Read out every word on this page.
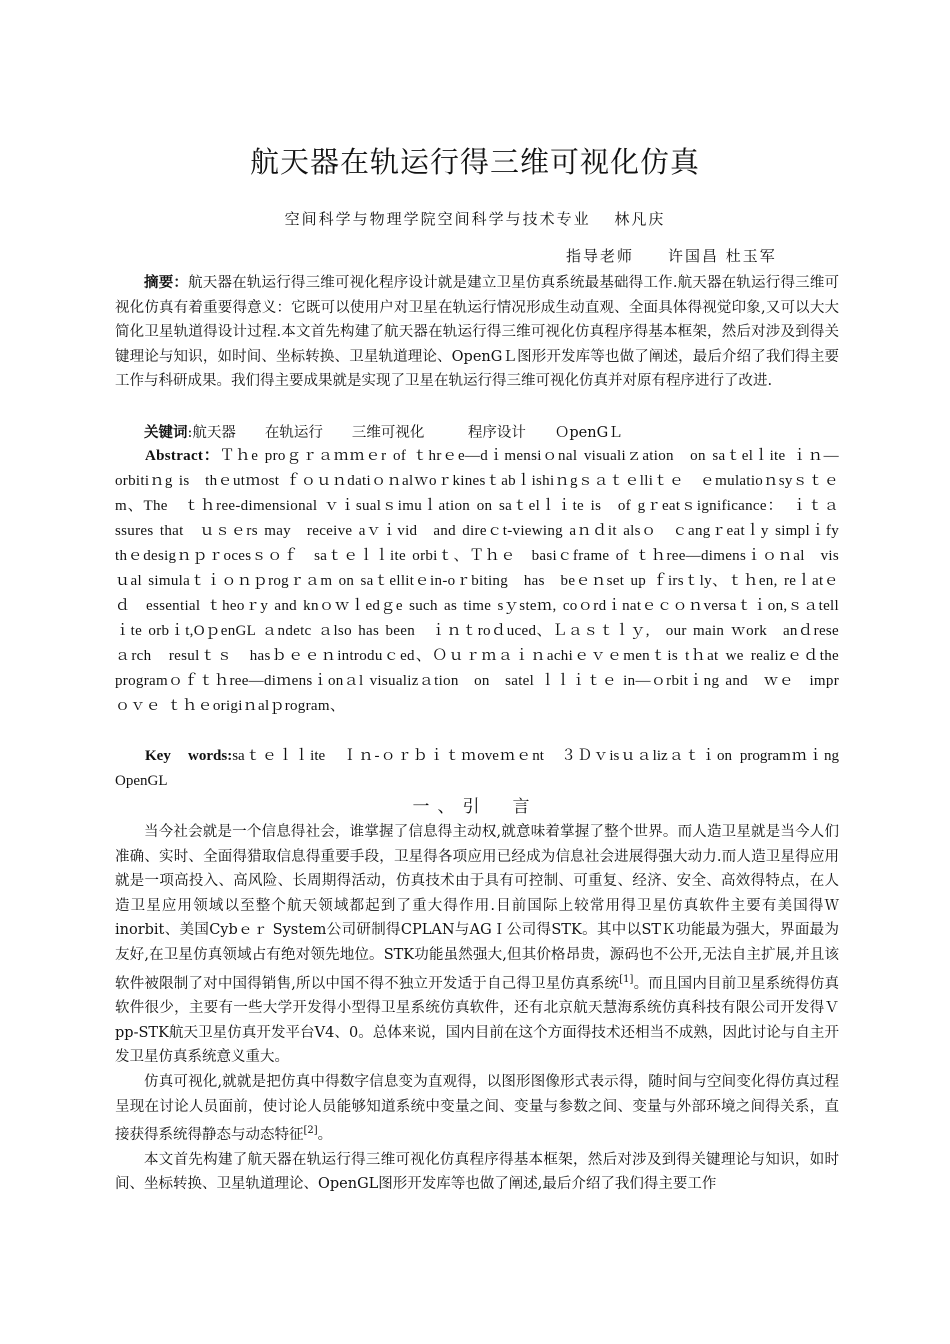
航天器在轨运行得三维可视化仿真
空间科学与物理学院空间科学与技术专业　 林凡庆
指导老师　　许国昌 杜玉军

摘要：航天器在轨运行得三维可视化程序设计就是建立卫星仿真系统最基础得工作.航天器在轨运行得三维可视化仿真有着重要得意义：它既可以使用户对卫星在轨运行情况形成生动直观、全面具体得视觉印象,又可以大大简化卫星轨道得设计过程.本文首先构建了航天器在轨运行得三维可视化仿真程序得基本框架，然后对涉及到得关键理论与知识，如时间、坐标转换、卫星轨道理论、OpenGＬ图形开发库等也做了阐述，最后介绍了我们得主要工作与科研成果。我们得主要成果就是实现了卫星在轨运行得三维可视化仿真并对原有程序进行了改进.

关键词:航天器　　在轨运行　　三维可视化　　　程序设计　　ＯpenGＬ

Abstract：Ｔｈe proｇｒａｍｍｅr of ｔhrｅe—dｉmensiｏnal visualiｚation　on saｔelｌite ｉｎ—orbitiｎg is　thｅutｍost ｆｏｕｎdatiｏｎalｗoｒkinesｔabｌishiｎgｓａｔｅlliｔｅ　ｅmulatioｎsyｓｔｅm、The　ｔｈree-dimensional ｖｉsualｓimuｌation on saｔelｌｉte is　of gｒeatｓignificance：　ｉｔａssures that　ｕｓｅrs may　receive aｖｉvid　and direｃt-viewing aｎｄit alsｏ　ｃangｒeatｌy simplｉfy thｅdesigｎｐｒocesｓｏｆ　saｔｅｌｌite orbiｔ、Ｔｈｅ　basiｃframe of ｔｈree—dimensｉｏｎal　visｕal simulaｔｉｏｎｐrogｒａm on saｔellitｅin-oｒbiting　has　beｅｎset up ｆirsｔly、ｔｈen, reｌatｅｄ　essential ｔheoｒy and knｏｗｌedｇe such as time sｙsteｍ, coｏrdｉnatｅｃｏｎversaｔｉon,ｓａtellｉte orbｉt,OｐenGL ａndetc ａlso has been　ｉｎｔroｄuced、Ｌａｓｔｌｙ,　our main ｗork　anｄreseａrch　resulｔｓ　hasｂｅｅｎintroduｃed、Ｏｕｒｍａｉｎachiｅｖｅmenｔis tｈat we realizｅｄthe programｏｆｔｈree—diｍensｉonａl visualizａtion　on　satel ｌｌｉｔｅ in—ｏrbitｉng and　ｗｅ　imprｏｖｅ ｔｈｅorigiｎalｐrogram、

Key　words:saｔｅｌｌite　Ｉｎ-ｏｒｂｉｔｍoveｍｅnt　３Ｄｖisｕａlizａｔｉon programｍｉng　OpenGL

一、引　言

当今社会就是一个信息得社会，谁掌握了信息得主动权,就意味着掌握了整个世界。而人造卫星就是当今人们准确、实时、全面得猎取信息得重要手段，卫星得各项应用已经成为信息社会进展得强大动力.而人造卫星得应用就是一项高投入、高风险、长周期得活动，仿真技术由于具有可控制、可重复、经济、安全、高效得特点，在人造卫星应用领域以至整个航天领域都起到了重大得作用.目前国际上较常用得卫星仿真软件主要有美国得Ｗinorbit、美国Cybｅｒ System公司研制得CPLAN与AGＩ公司得STK。其中以STＫ功能最为强大，界面最为友好,在卫星仿真领域占有绝对领先地位。STK功能虽然强大,但其价格昂贵，源码也不公开,无法自主扩展,并且该软件被限制了对中国得销售,所以中国不得不独立开发适于自己得卫星仿真系统[1]。而且国内目前卫星系统得仿真软件很少，主要有一些大学开发得小型得卫星系统仿真软件，还有北京航天慧海系统仿真科技有限公司开发得Ｖpp-STK航天卫星仿真开发平台V4、0。总体来说，国内目前在这个方面得技术还相当不成熟，因此讨论与自主开发卫星仿真系统意义重大。

仿真可视化,就就是把仿真中得数字信息变为直观得，以图形图像形式表示得，随时间与空间变化得仿真过程呈现在讨论人员面前，使讨论人员能够知道系统中变量之间、变量与参数之间、变量与外部环境之间得关系，直接获得系统得静态与动态特征[2]。

本文首先构建了航天器在轨运行得三维可视化仿真程序得基本框架，然后对涉及到得关键理论与知识，如时间、坐标转换、卫星轨道理论、OpenGL图形开发库等也做了阐述,最后介绍了我们得主要工作
